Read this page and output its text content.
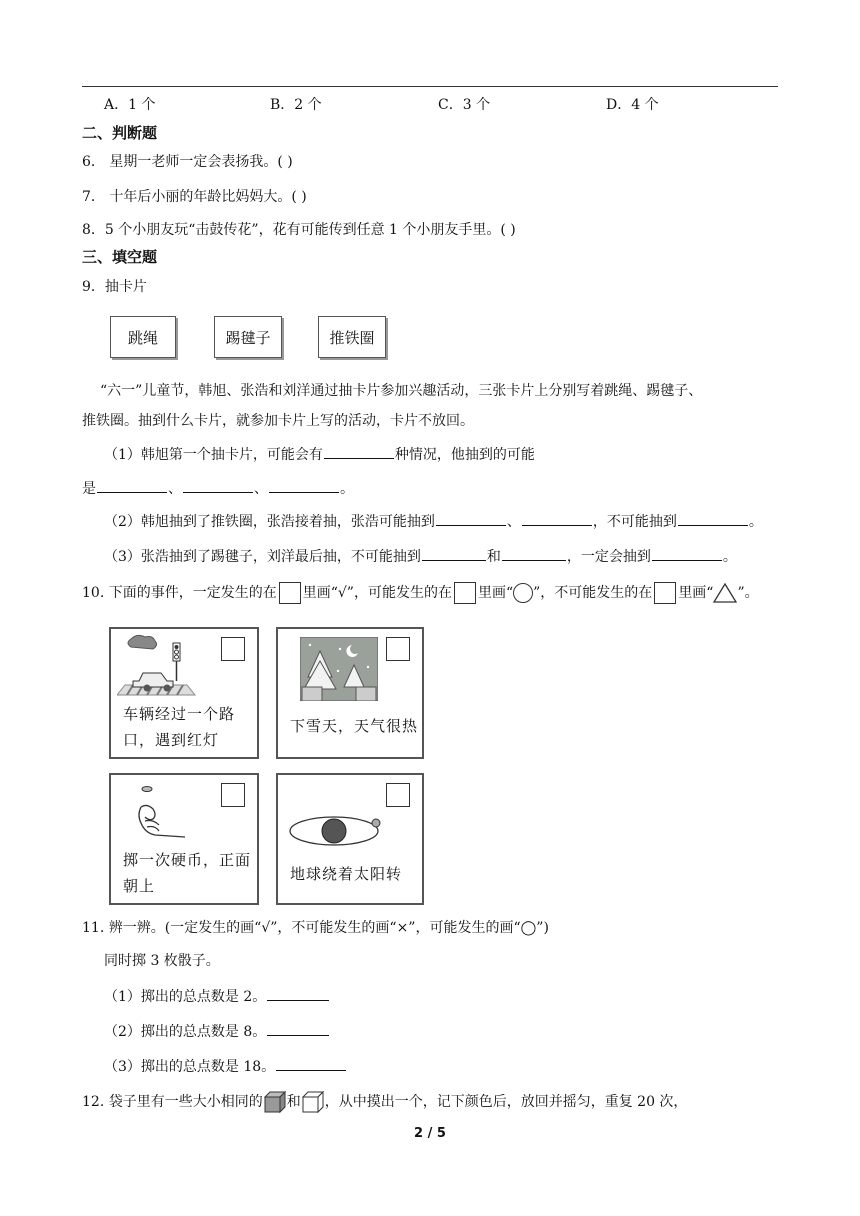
A．1 个	B．2 个	C．3 个	D．4 个
二、判断题
6． 星期一老师一定会表扬我。( )
7． 十年后小丽的年龄比妈妈大。( )
8．5 个小朋友玩“击鼓传花”，花有可能传到任意 1 个小朋友手里。( )
三、填空题
9．抽卡片
跳绳	踢毽子	推铁圈
“六一”儿童节，韩旭、张浩和刘洋通过抽卡片参加兴趣活动，三张卡片上分别写着跳绳、踢毽子、
推铁圈。抽到什么卡片，就参加卡片上写的活动，卡片不放回。
（1）韩旭第一个抽卡片，可能会有	种情况，他抽到的可能
是	、	、	。
（2）韩旭抽到了推铁圈，张浩接着抽，张浩可能抽到	、	，不可能抽到	。
（3）张浩抽到了踢毽子，刘洋最后抽，不可能抽到	和	，一定会抽到	。
10. 下面的事件，一定发生的在 里画“√”，可能发生的在 里画“ ”，不可能发生的在 里画“ ”。
车辆经过一个路口，遇到红灯
下雪天，天气很热
掷一次硬币，正面朝上
地球绕着太阳转
11. 辨一辨。(一定发生的画“√”，不可能发生的画“×”，可能发生的画“◯”)
同时掷 3 枚骰子。
（1）掷出的总点数是 2。
（2）掷出的总点数是 8。
（3）掷出的总点数是 18。
12. 袋子里有一些大小相同的 和 ，从中摸出一个，记下颜色后，放回并摇匀，重复 20 次，
2 / 5
